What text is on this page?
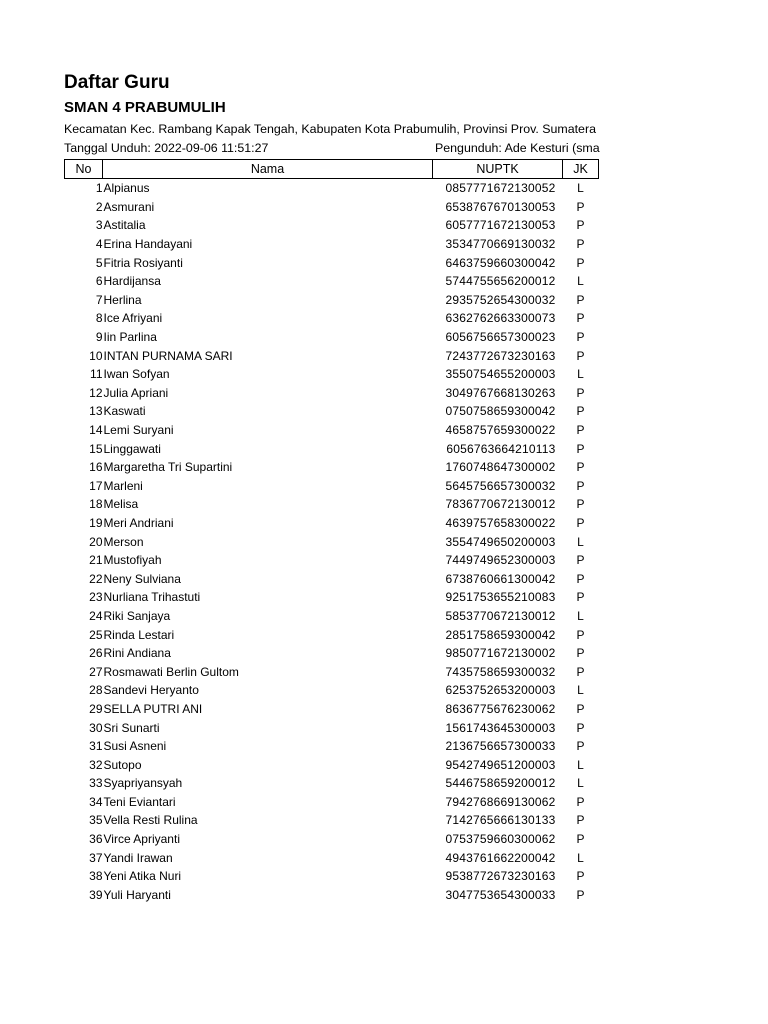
Daftar Guru
SMAN 4 PRABUMULIH
Kecamatan Kec. Rambang Kapak Tengah, Kabupaten Kota Prabumulih, Provinsi Prov. Sumatera
Tanggal Unduh: 2022-09-06 11:51:27	Pengunduh: Ade Kesturi (sma
No	Nama	NUPTK	JK
1	Alpianus	0857771672130052	L
2	Asmurani	6538767670130053	P
3	Astitalia	6057771672130053	P
4	Erina Handayani	3534770669130032	P
5	Fitria Rosiyanti	6463759660300042	P
6	Hardijansa	5744755656200012	L
7	Herlina	2935752654300032	P
8	Ice Afriyani	6362762663300073	P
9	Iin Parlina	6056756657300023	P
10	INTAN PURNAMA SARI	7243772673230163	P
11	Iwan Sofyan	3550754655200003	L
12	Julia Apriani	3049767668130263	P
13	Kaswati	0750758659300042	P
14	Lemi Suryani	4658757659300022	P
15	Linggawati	6056763664210113	P
16	Margaretha Tri Supartini	1760748647300002	P
17	Marleni	5645756657300032	P
18	Melisa	7836770672130012	P
19	Meri Andriani	4639757658300022	P
20	Merson	3554749650200003	L
21	Mustofiyah	7449749652300003	P
22	Neny Sulviana	6738760661300042	P
23	Nurliana Trihastuti	9251753655210083	P
24	Riki Sanjaya	5853770672130012	L
25	Rinda Lestari	2851758659300042	P
26	Rini Andiana	9850771672130002	P
27	Rosmawati Berlin Gultom	7435758659300032	P
28	Sandevi Heryanto	6253752653200003	L
29	SELLA PUTRI ANI	8636775676230062	P
30	Sri Sunarti	1561743645300003	P
31	Susi Asneni	2136756657300033	P
32	Sutopo	9542749651200003	L
33	Syapriyansyah	5446758659200012	L
34	Teni Eviantari	7942768669130062	P
35	Vella Resti Rulina	7142765666130133	P
36	Virce Apriyanti	0753759660300062	P
37	Yandi Irawan	4943761662200042	L
38	Yeni Atika Nuri	9538772673230163	P
39	Yuli Haryanti	3047753654300033	P
